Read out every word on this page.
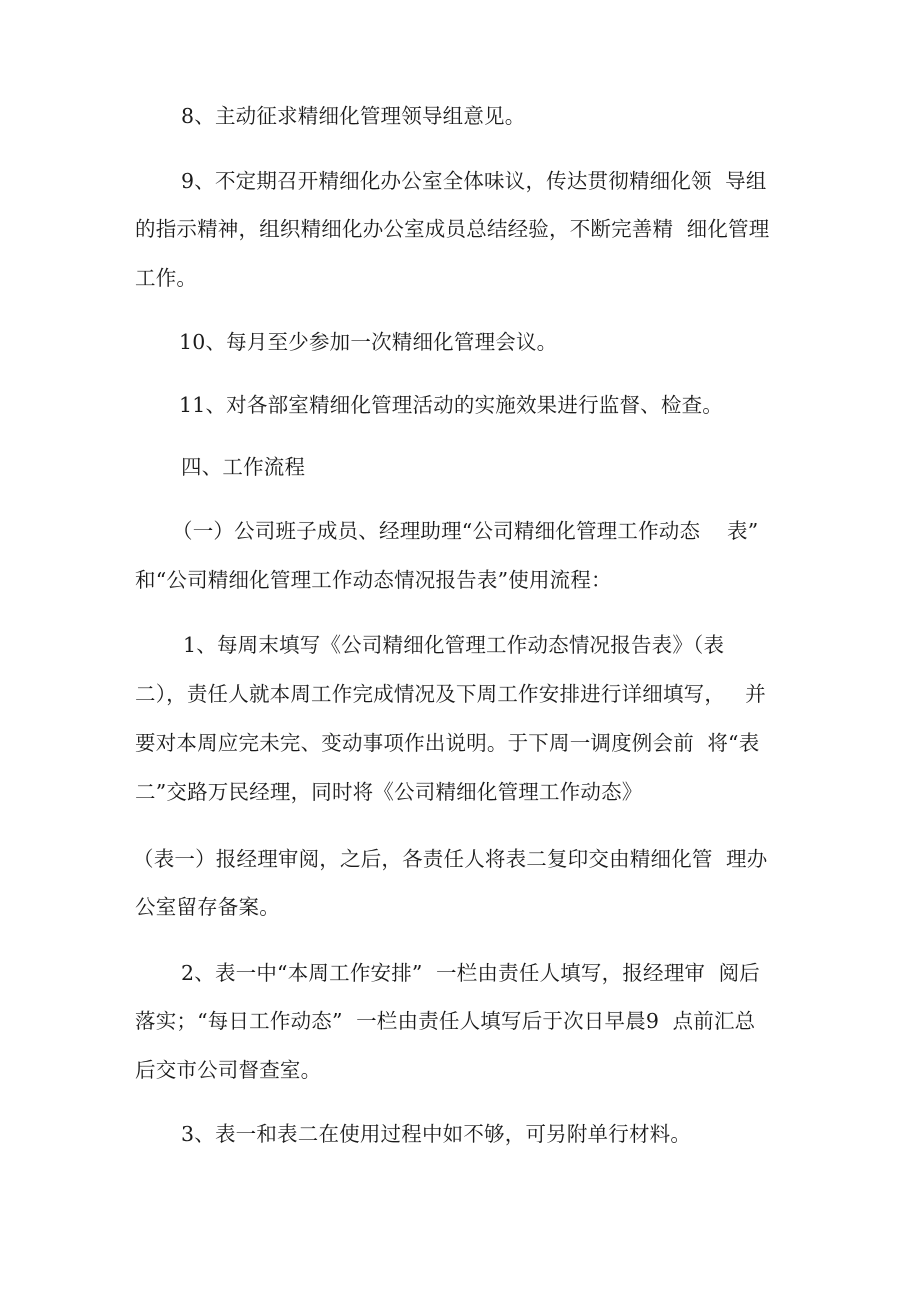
8、主动征求精细化管理领导组意见。
9、不定期召开精细化办公室全体味议，传达贯彻精细化领  导组
的指示精神，组织精细化办公室成员总结经验，不断完善精  细化管理
工作。
10、每月至少参加一次精细化管理会议。
11、对各部室精细化管理活动的实施效果进行监督、检查。
四、工作流程
（一）公司班子成员、经理助理“公司精细化管理工作动态    表”
和“公司精细化管理工作动态情况报告表”使用流程：
1、每周末填写《公司精细化管理工作动态情况报告表》（表
二），责任人就本周工作完成情况及下周工作安排进行详细填写，   并
要对本周应完未完、变动事项作出说明。于下周一调度例会前  将“表
二”交路万民经理，同时将《公司精细化管理工作动态》
（表一）报经理审阅，之后，各责任人将表二复印交由精细化管  理办
公室留存备案。
2、表一中“本周工作安排”  一栏由责任人填写，报经理审  阅后
落实；“每日工作动态”  一栏由责任人填写后于次日早晨9  点前汇总
后交市公司督查室。
3、表一和表二在使用过程中如不够，可另附单行材料。
